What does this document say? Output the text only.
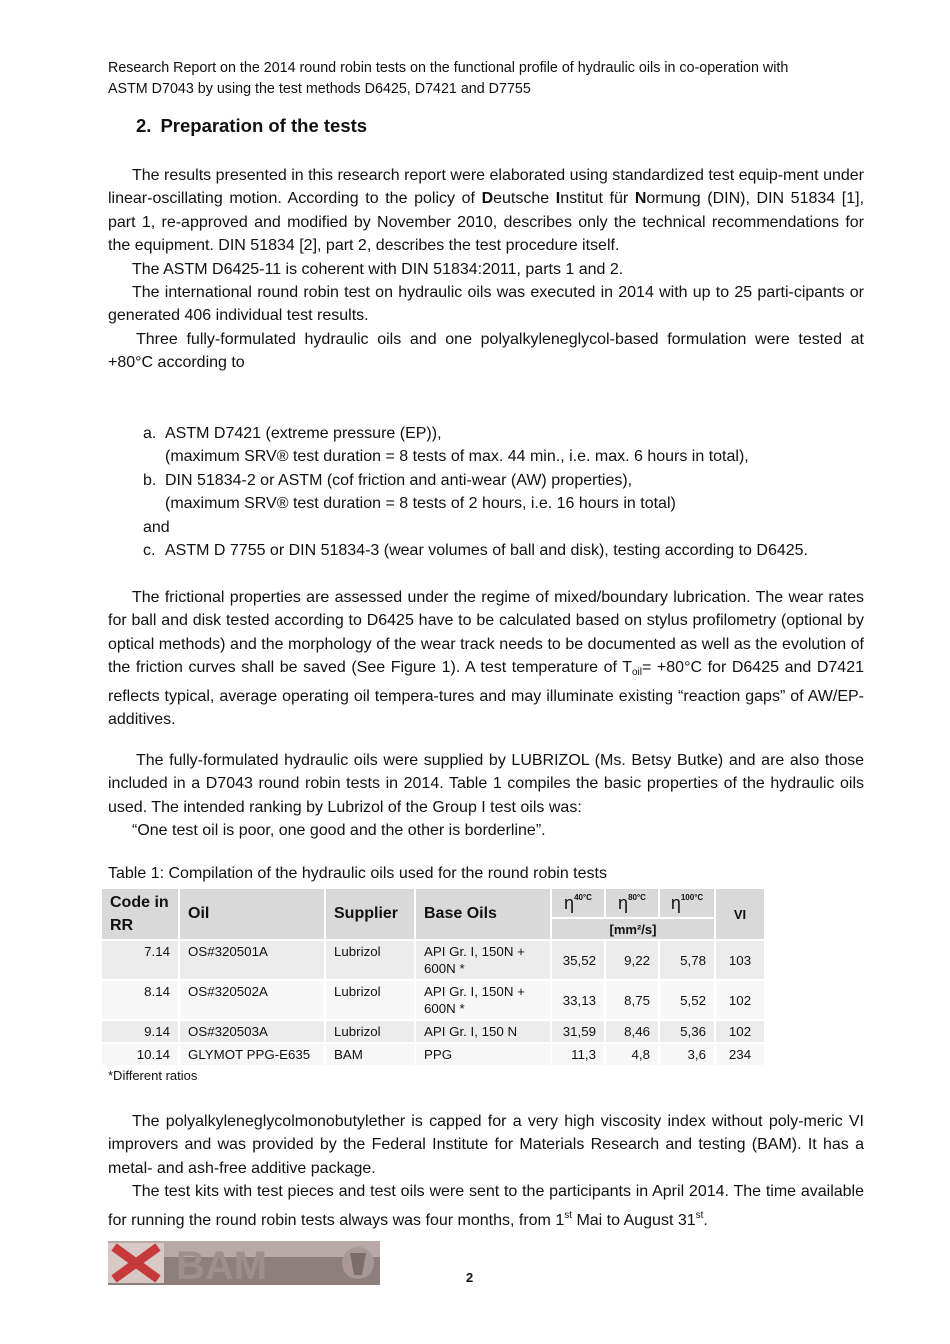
Research Report on the 2014 round robin tests on the functional profile of hydraulic oils in co-operation with
ASTM D7043 by using the test methods D6425, D7421 and D7755
2. Preparation of the tests
The results presented in this research report were elaborated using standardized test equip-ment under linear-oscillating motion. According to the policy of Deutsche Institut für Normung (DIN), DIN 51834 [1], part 1, re-approved and modified by November 2010, describes only the technical recommendations for the equipment. DIN 51834 [2], part 2, describes the test procedure itself.
The ASTM D6425-11 is coherent with DIN 51834:2011, parts 1 and 2.
The international round robin test on hydraulic oils was executed in 2014 with up to 25 parti-cipants or generated 406 individual test results.
Three fully-formulated hydraulic oils and one polyalkyleneglycol-based formulation were tested at +80°C according to
a. ASTM D7421 (extreme pressure (EP)),
(maximum SRV® test duration = 8 tests of max. 44 min., i.e. max. 6 hours in total),
b. DIN 51834-2 or ASTM (cof friction and anti-wear (AW) properties),
(maximum SRV® test duration = 8 tests of 2 hours, i.e. 16 hours in total)
and
c. ASTM D 7755 or DIN 51834-3 (wear volumes of ball and disk), testing according to D6425.
The frictional properties are assessed under the regime of mixed/boundary lubrication. The wear rates for ball and disk tested according to D6425 have to be calculated based on stylus profilometry (optional by optical methods) and the morphology of the wear track needs to be documented as well as the evolution of the friction curves shall be saved (See Figure 1). A test temperature of Toil= +80°C for D6425 and D7421 reflects typical, average operating oil tempera-tures and may illuminate existing “reaction gaps” of AW/EP-additives.
The fully-formulated hydraulic oils were supplied by LUBRIZOL (Ms. Betsy Butke) and are also those included in a D7043 round robin tests in 2014. Table 1 compiles the basic properties of the hydraulic oils used. The intended ranking by Lubrizol of the Group I test oils was:
“One test oil is poor, one good and the other is borderline”.
Table 1: Compilation of the hydraulic oils used for the round robin tests
Code in RR	Oil	Supplier	Base Oils	$\eta^{40^\circ C}$	$\eta^{80^\circ C}$	$\eta^{100^\circ C}$	VI
				[mm²/s]			
7.14	OS#320501A	Lubrizol	API Gr. I, 150N + 600N *	35,52	9,22	5,78	103
8.14	OS#320502A	Lubrizol	API Gr. I, 150N + 600N *	33,13	8,75	5,52	102
9.14	OS#320503A	Lubrizol	API Gr. I, 150 N	31,59	8,46	5,36	102
10.14	GLYMOT PPG-E635	BAM	PPG	11,3	4,8	3,6	234
*Different ratios
The polyalkyleneglycolmonobutylether is capped for a very high viscosity index without poly-meric VI improvers and was provided by the Federal Institute for Materials Research and testing (BAM). It has a metal- and ash-free additive package.
The test kits with test pieces and test oils were sent to the participants in April 2014. The time available for running the round robin tests always was four months, from 1st Mai to August 31st.
BAM	2
